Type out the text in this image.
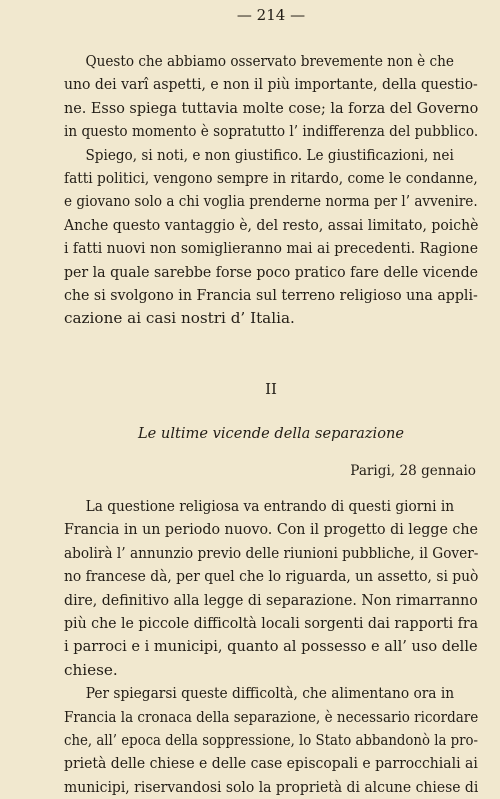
— 214 —
Questo che abbiamo osservato brevemente non è che
uno dei varî aspetti, e non il più importante, della questio-
ne. Esso spiega tuttavia molte cose; la forza del Governo
in questo momento è sopratutto l’ indifferenza del pubblico.
Spiego, si noti, e non giustifico. Le giustificazioni, nei
fatti politici, vengono sempre in ritardo, come le condanne,
e giovano solo a chi voglia prenderne norma per l’ avvenire.
Anche questo vantaggio è, del resto, assai limitato, poichè
i fatti nuovi non somiglieranno mai ai precedenti. Ragione
per la quale sarebbe forse poco pratico fare delle vicende
che si svolgono in Francia sul terreno religioso una appli-
cazione ai casi nostri d’ Italia.
II
Le ultime vicende della separazione
Parigi, 28 gennaio
La questione religiosa va entrando di questi giorni in
Francia in un periodo nuovo. Con il progetto di legge che
abolirà l’ annunzio previo delle riunioni pubbliche, il Gover-
no francese dà, per quel che lo riguarda, un assetto, si può
dire, definitivo alla legge di separazione. Non rimarranno
più che le piccole difficoltà locali sorgenti dai rapporti fra
i parroci e i municipi, quanto al possesso e all’ uso delle
chiese.
Per spiegarsi queste difficoltà, che alimentano ora in
Francia la cronaca della separazione, è necessario ricordare
che, all’ epoca della soppressione, lo Stato abbandonò la pro-
prietà delle chiese e delle case episcopali e parrocchiali ai
municipi, riservandosi solo la proprietà di alcune chiese di
